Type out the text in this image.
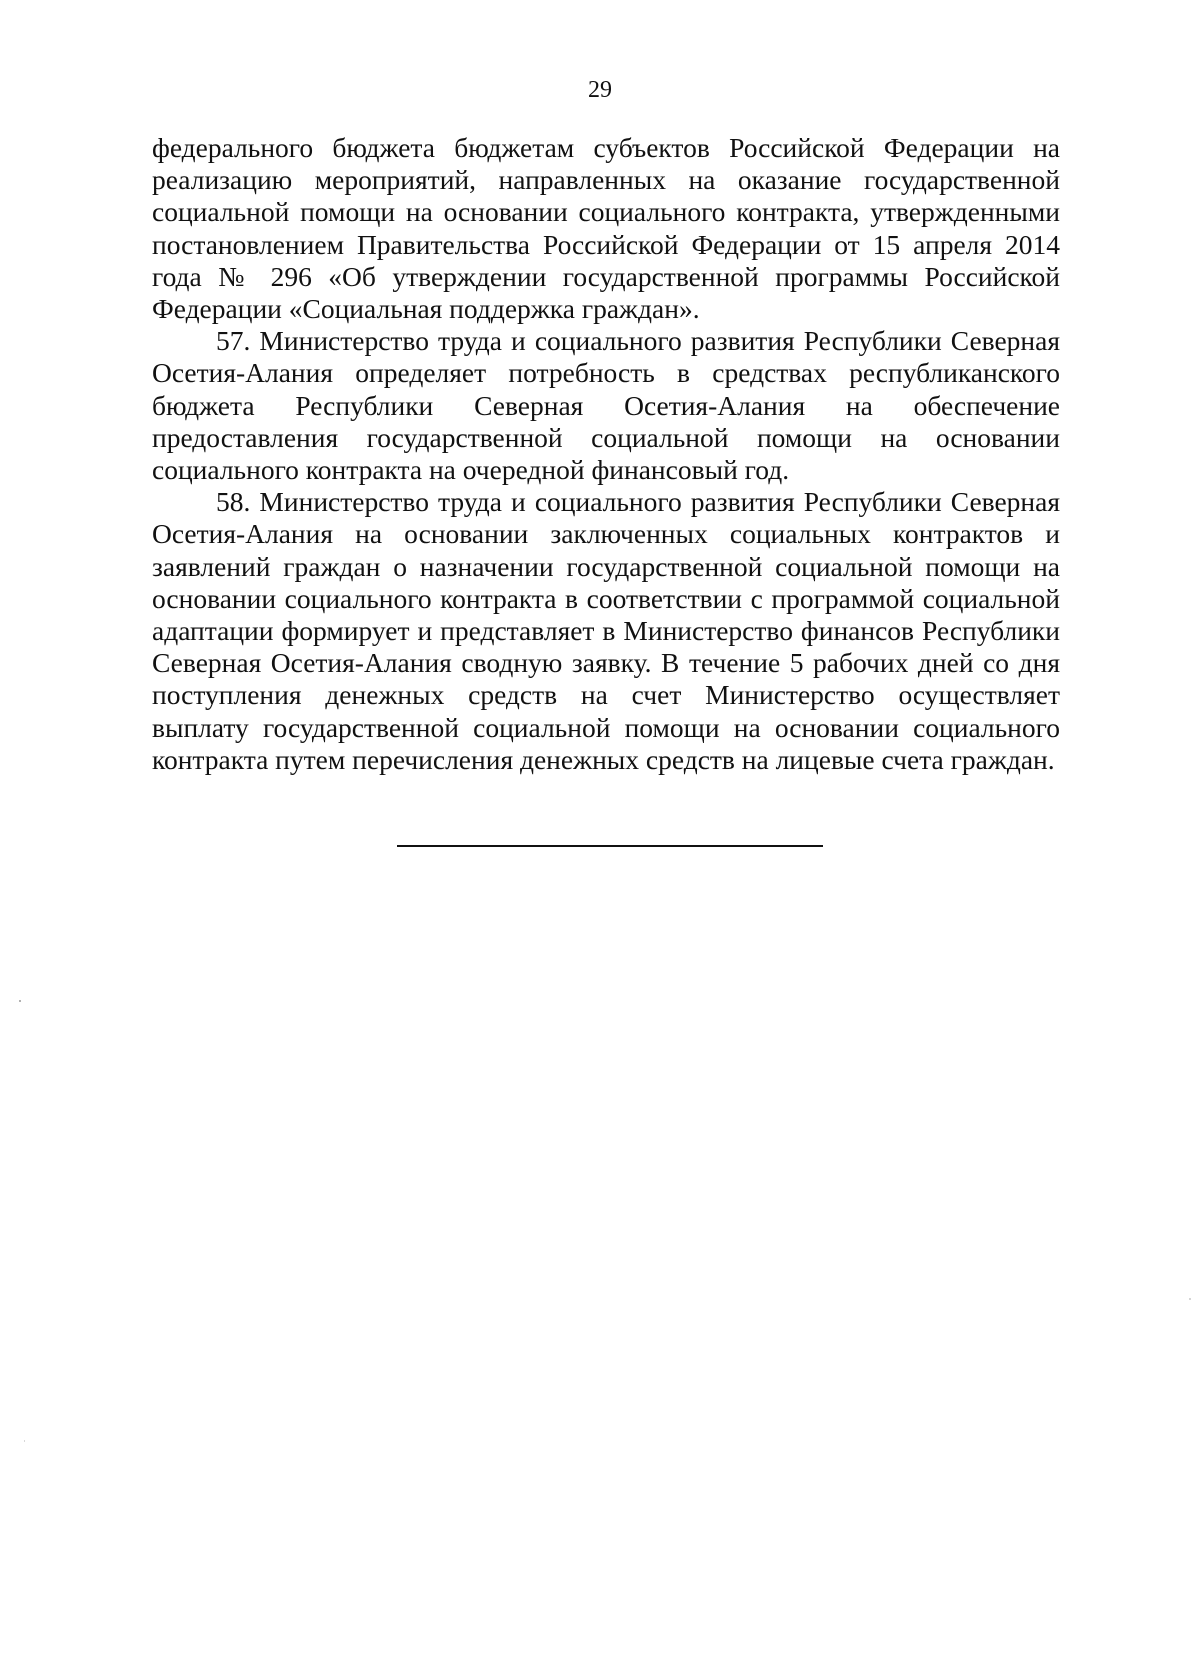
29

федерального бюджета бюджетам субъектов Российской Федерации на реализацию мероприятий, направленных на оказание государственной социальной помощи на основании социального контракта, утвержденными постановлением Правительства Российской Федерации от 15 апреля 2014 года № 296 «Об утверждении государственной программы Российской Федерации «Социальная поддержка граждан».

57. Министерство труда и социального развития Республики Северная Осетия-Алания определяет потребность в средствах республиканского бюджета Республики Северная Осетия-Алания на обеспечение предоставления государственной социальной помощи на основании социального контракта на очередной финансовый год.

58. Министерство труда и социального развития Республики Северная Осетия-Алания на основании заключенных социальных контрактов и заявлений граждан о назначении государственной социальной помощи на основании социального контракта в соответствии с программой социальной адаптации формирует и представляет в Министерство финансов Республики Северная Осетия-Алания сводную заявку. В течение 5 рабочих дней со дня поступления денежных средств на счет Министерство осуществляет выплату государственной социальной помощи на основании социального контракта путем перечисления денежных средств на лицевые счета граждан.
